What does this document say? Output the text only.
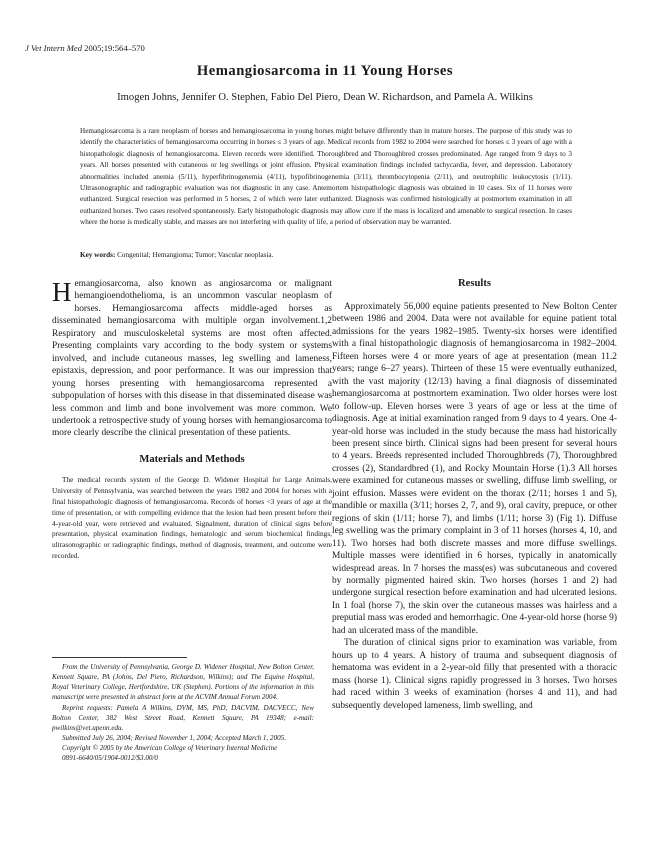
J Vet Intern Med 2005;19:564–570
Hemangiosarcoma in 11 Young Horses
Imogen Johns, Jennifer O. Stephen, Fabio Del Piero, Dean W. Richardson, and Pamela A. Wilkins

Hemangiosarcoma is a rare neoplasm of horses and hemangiosarcoma in young horses might behave differently than in mature horses. The purpose of this study was to identify the characteristics of hemangiosarcoma occurring in horses ≤ 3 years of age. Medical records from 1982 to 2004 were searched for horses ≤ 3 years of age with a histopathologic diagnosis of hemangiosarcoma. Eleven records were identified. Thoroughbred and Thoroughbred crosses predominated. Age ranged from 9 days to 3 years. All horses presented with cutaneous or leg swellings or joint effusion. Physical examination findings included tachycardia, fever, and depression. Laboratory abnormalities included anemia (5/11), hyperfibrinogenemia (4/11), hypofibrinogenemia (3/11), thrombocytopenia (2/11), and neutrophilic leukocytosis (1/11). Ultrasonographic and radiographic evaluation was not diagnostic in any case. Antemortem histopathologic diagnosis was obtained in 10 cases. Six of 11 horses were euthanized. Surgical resection was performed in 5 horses, 2 of which were later euthanized. Diagnosis was confirmed histologically at postmortem examination in all euthanized horses. Two cases resolved spontaneously. Early histopathologic diagnosis may allow cure if the mass is localized and amenable to surgical resection. In cases where the horse is medically stable, and masses are not interfering with quality of life, a period of observation may be warranted.

Key words: Congenital; Hemangioma; Tumor; Vascular neoplasia.

Hemangiosarcoma, also known as angiosarcoma or malignant hemangioendothelioma, is an uncommon vascular neoplasm of horses. Hemangiosarcoma affects middle-aged horses as disseminated hemangiosarcoma with multiple organ involvement.1,2 Respiratory and musculoskeletal systems are most often affected. Presenting complaints vary according to the body system or systems involved, and include cutaneous masses, leg swelling and lameness, epistaxis, depression, and poor performance. It was our impression that young horses presenting with hemangiosarcoma represented a subpopulation of horses with this disease in that disseminated disease was less common and limb and bone involvement was more common. We undertook a retrospective study of young horses with hemangiosarcoma to more clearly describe the clinical presentation of these patients.

Materials and Methods

The medical records system of the George D. Widener Hospital for Large Animals, University of Pennsylvania, was searched between the years 1982 and 2004 for horses with a final histopathologic diagnosis of hemangiosarcoma. Records of horses <3 years of age at the time of presentation, or with compelling evidence that the lesion had been present before their 4-year-old year, were retrieved and evaluated. Signalment, duration of clinical signs before presentation, physical examination findings, hematologic and serum biochemical findings, ultrasonographic or radiographic findings, method of diagnosis, treatment, and outcome were recorded.

From the University of Pennsylvania, George D. Widener Hospital, New Bolton Center, Kennett Square, PA (Johns, Del Piero, Richardson, Wilkins); and The Equine Hospital, Royal Veterinary College, Hertfordshire, UK (Stephen). Portions of the information in this manuscript were presented in abstract form at the ACVIM Annual Forum 2004.

Reprint requests: Pamela A Wilkins, DVM, MS, PhD, DACVIM, DACVECC, New Bolton Center, 382 West Street Road, Kennett Square, PA 19348; e-mail: pwilkins@vet.upenn.edu.

Submitted July 26, 2004; Revised November 1, 2004; Accepted March 1, 2005.

Copyright © 2005 by the American College of Veterinary Internal Medicine

0891-6640/05/1904-0012/$3.00/0

Results

Approximately 56,000 equine patients presented to New Bolton Center between 1986 and 2004. Data were not available for equine patient total admissions for the years 1982–1985. Twenty-six horses were identified with a final histopathologic diagnosis of hemangiosarcoma in 1982–2004. Fifteen horses were 4 or more years of age at presentation (mean 11.2 years; range 6–27 years). Thirteen of these 15 were eventually euthanized, with the vast majority (12/13) having a final diagnosis of disseminated hemangiosarcoma at postmortem examination. Two older horses were lost to follow-up. Eleven horses were 3 years of age or less at the time of diagnosis. Age at initial examination ranged from 9 days to 4 years. One 4-year-old horse was included in the study because the mass had historically been present since birth. Clinical signs had been present for several hours to 4 years. Breeds represented included Thoroughbreds (7), Thoroughbred crosses (2), Standardbred (1), and Rocky Mountain Horse (1).3 All horses were examined for cutaneous masses or swelling, diffuse limb swelling, or joint effusion. Masses were evident on the thorax (2/11; horses 1 and 5), mandible or maxilla (3/11; horses 2, 7, and 9), oral cavity, prepuce, or other regions of skin (1/11; horse 7), and limbs (1/11; horse 3) (Fig 1). Diffuse leg swelling was the primary complaint in 3 of 11 horses (horses 4, 10, and 11). Two horses had both discrete masses and more diffuse swellings. Multiple masses were identified in 6 horses, typically in anatomically widespread areas. In 7 horses the mass(es) was subcutaneous and covered by normally pigmented haired skin. Two horses (horses 1 and 2) had undergone surgical resection before examination and had ulcerated lesions. In 1 foal (horse 7), the skin over the cutaneous masses was hairless and a preputial mass was eroded and hemorrhagic. One 4-year-old horse (horse 9) had an ulcerated mass of the mandible.

The duration of clinical signs prior to examination was variable, from hours up to 4 years. A history of trauma and subsequent diagnosis of hematoma was evident in a 2-year-old filly that presented with a thoracic mass (horse 1). Clinical signs rapidly progressed in 3 horses. Two horses had raced within 3 weeks of examination (horses 4 and 11), and had subsequently developed lameness, limb swelling, and
